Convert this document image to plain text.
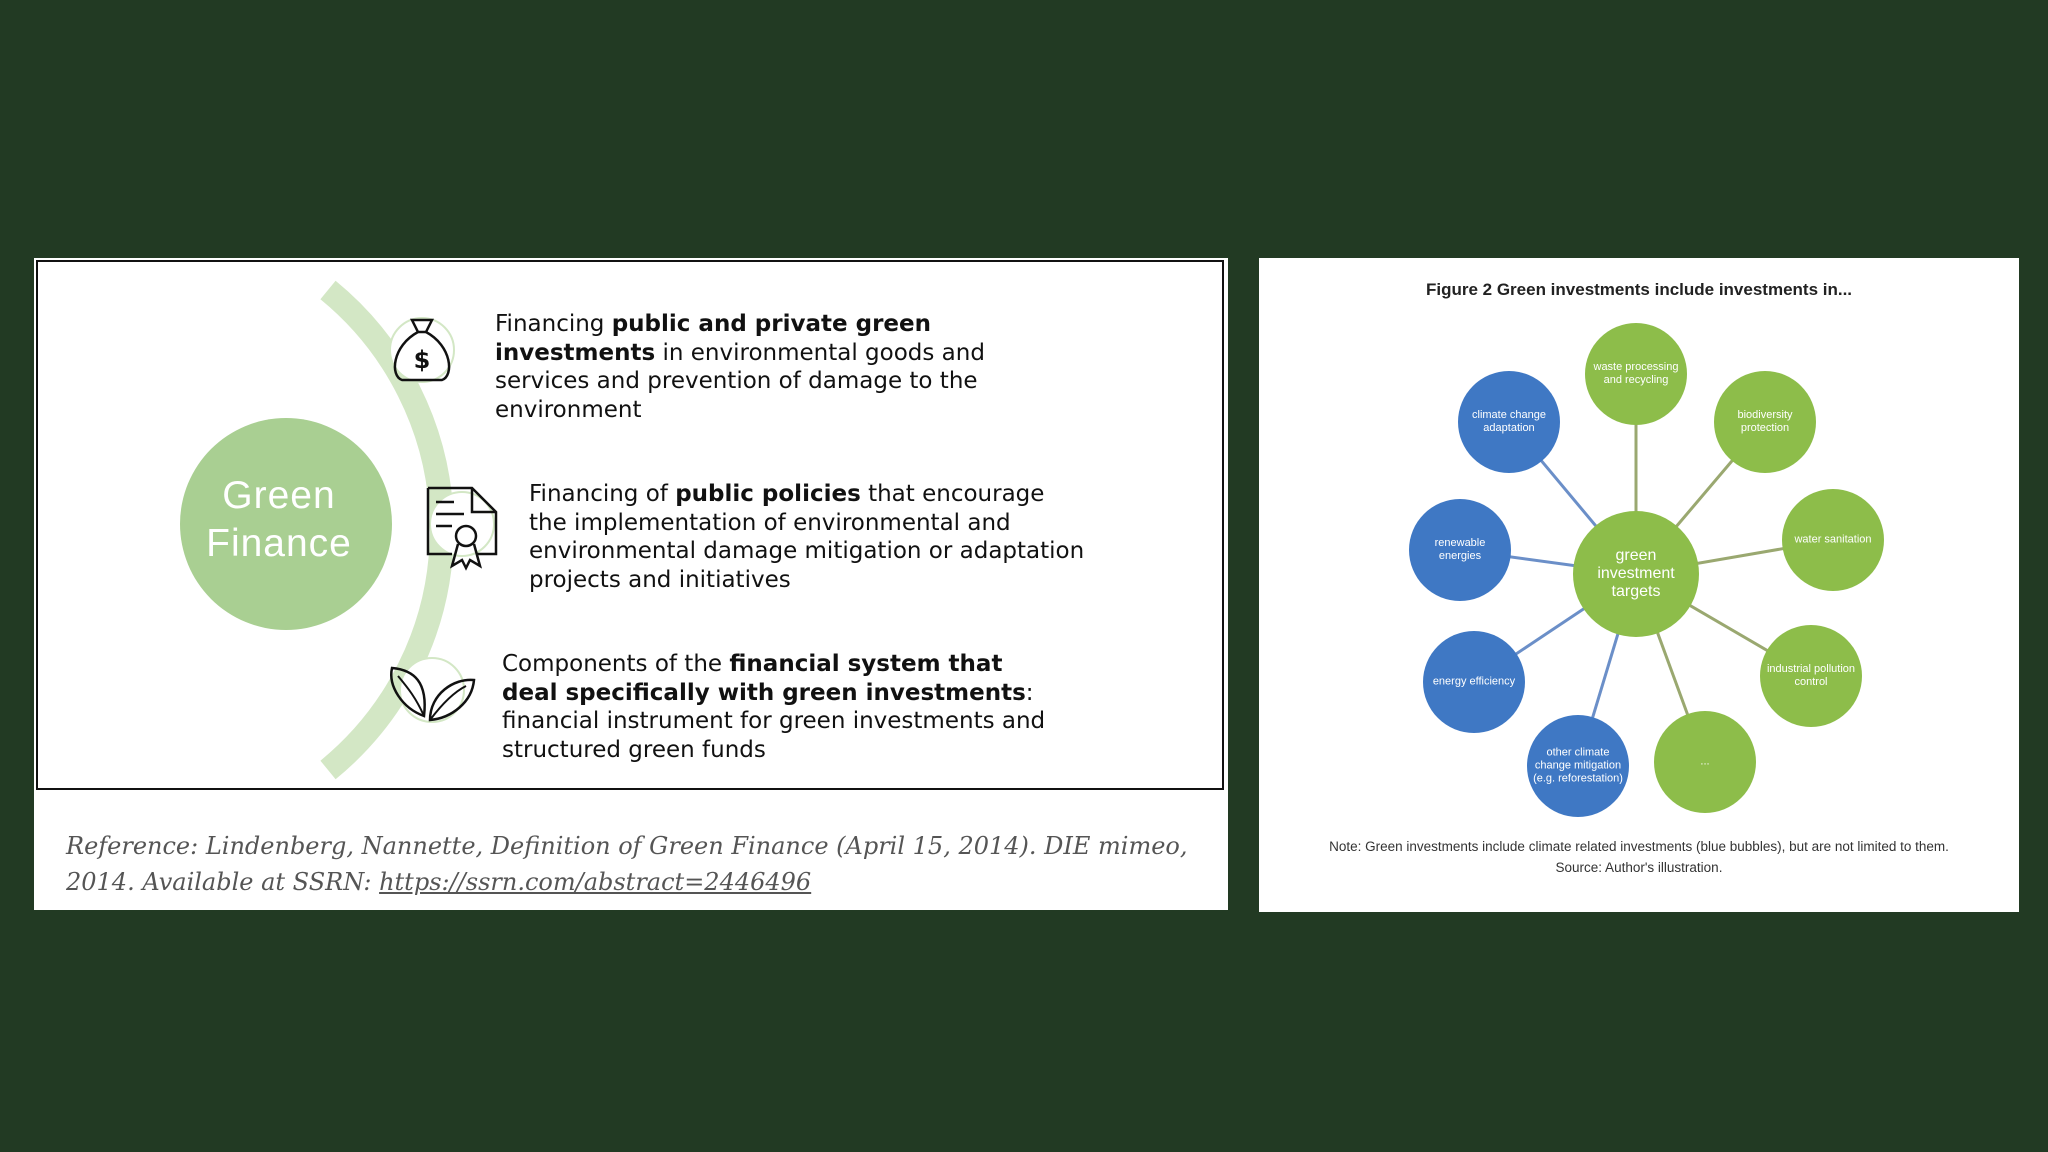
$
Green
Finance
Financing public and private green investments in environmental goods and services and prevention of damage to the environment
Financing of public policies that encourage the implementation of environmental and environmental damage mitigation or adaptation projects and initiatives
Components of the financial system that deal specifically with green investments: financial instrument for green investments and structured green funds
Reference: Lindenberg, Nannette, Definition of Green Finance (April 15, 2014). DIE mimeo, 2014. Available at SSRN: https://ssrn.com/abstract=2446496
Figure 2 Green investments include investments in...
waste processing and recycling
biodiversity protection
water sanitation
industrial pollution control
...
other climate change mitigation (e.g. reforestation)
energy efficiency
renewable energies
climate change adaptation
green investment targets
Note: Green investments include climate related investments (blue bubbles), but are not limited to them.
Source: Author's illustration.
